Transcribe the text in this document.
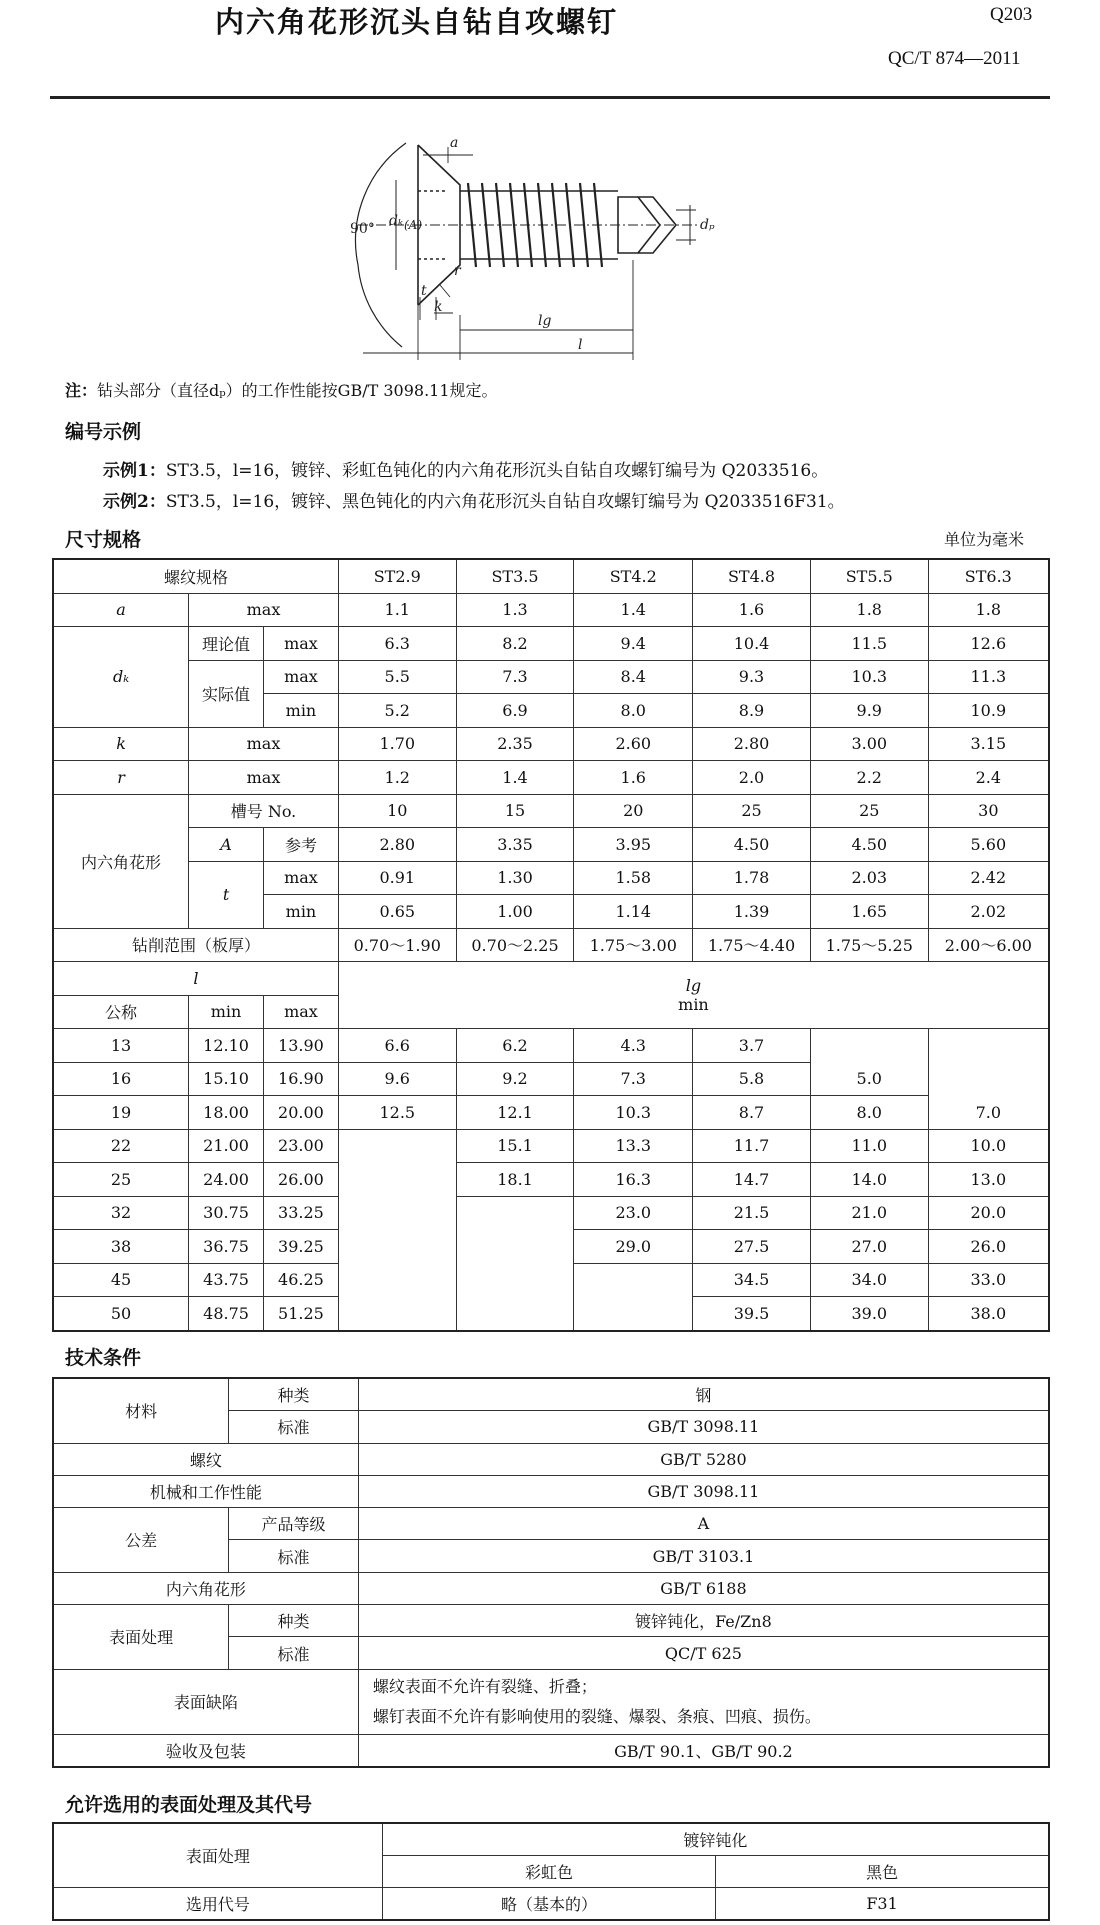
内六角花形沉头自钻自攻螺钉	Q203
QC/T 874—2011
90° dₖ (A)
a
dₚ
r
t
k
lg
l
注：钻头部分（直径dₚ）的工作性能按GB/T 3098.11规定。
编号示例
示例1：ST3.5，l=16，镀锌、彩虹色钝化的内六角花形沉头自钻自攻螺钉编号为 Q2033516。
示例2：ST3.5，l=16，镀锌、黑色钝化的内六角花形沉头自钻自攻螺钉编号为 Q2033516F31。
尺寸规格	单位为毫米
螺纹规格			ST2.9	ST3.5	ST4.2	ST4.8	ST5.5	ST6.3
a	max		1.1	1.3	1.4	1.6	1.8	1.8
dₖ	理论值	max	6.3	8.2	9.4	10.4	11.5	12.6
	实际值	max	5.5	7.3	8.4	9.3	10.3	11.3
		min	5.2	6.9	8.0	8.9	9.9	10.9
k	max		1.70	2.35	2.60	2.80	3.00	3.15
r	max		1.2	1.4	1.6	2.0	2.2	2.4
内六角花形	槽号 No.		10	15	20	25	25	30
	A	参考	2.80	3.35	3.95	4.50	4.50	5.60
	t	max	0.91	1.30	1.58	1.78	2.03	2.42
		min	0.65	1.00	1.14	1.39	1.65	2.02
钻削范围（板厚）			0.70～1.90	0.70～2.25	1.75～3.00	1.75～4.40	1.75～5.25	2.00～6.00
l			lg
min					

公称	min	max						
13	12.10	13.90	6.6	6.2	4.3	3.7		
16	15.10	16.90	9.6	9.2	7.3	5.8	5.0	
19	18.00	20.00	12.5	12.1	10.3	8.7	8.0	7.0
22	21.00	23.00		15.1	13.3	11.7	11.0	10.0
25	24.00	26.00		18.1	16.3	14.7	14.0	13.0
32	30.75	33.25			23.0	21.5	21.0	20.0
38	36.75	39.25			29.0	27.5	27.0	26.0
45	43.75	46.25				34.5	34.0	33.0
50	48.75	51.25				39.5	39.0	38.0
技术条件
材料	种类	钢
	标准	GB/T 3098.11
螺纹		GB/T 5280
机械和工作性能		GB/T 3098.11
公差	产品等级	A
	标准	GB/T 3103.1
内六角花形		GB/T 6188
表面处理	种类	镀锌钝化，Fe/Zn8
	标准	QC/T 625
表面缺陷		螺纹表面不允许有裂缝、折叠；
螺钉表面不允许有影响使用的裂缝、爆裂、条痕、凹痕、损伤。

验收及包装		GB/T 90.1、GB/T 90.2
允许选用的表面处理及其代号
表面处理	镀锌钝化	
	彩虹色	黑色
选用代号	略（基本的）	F31
